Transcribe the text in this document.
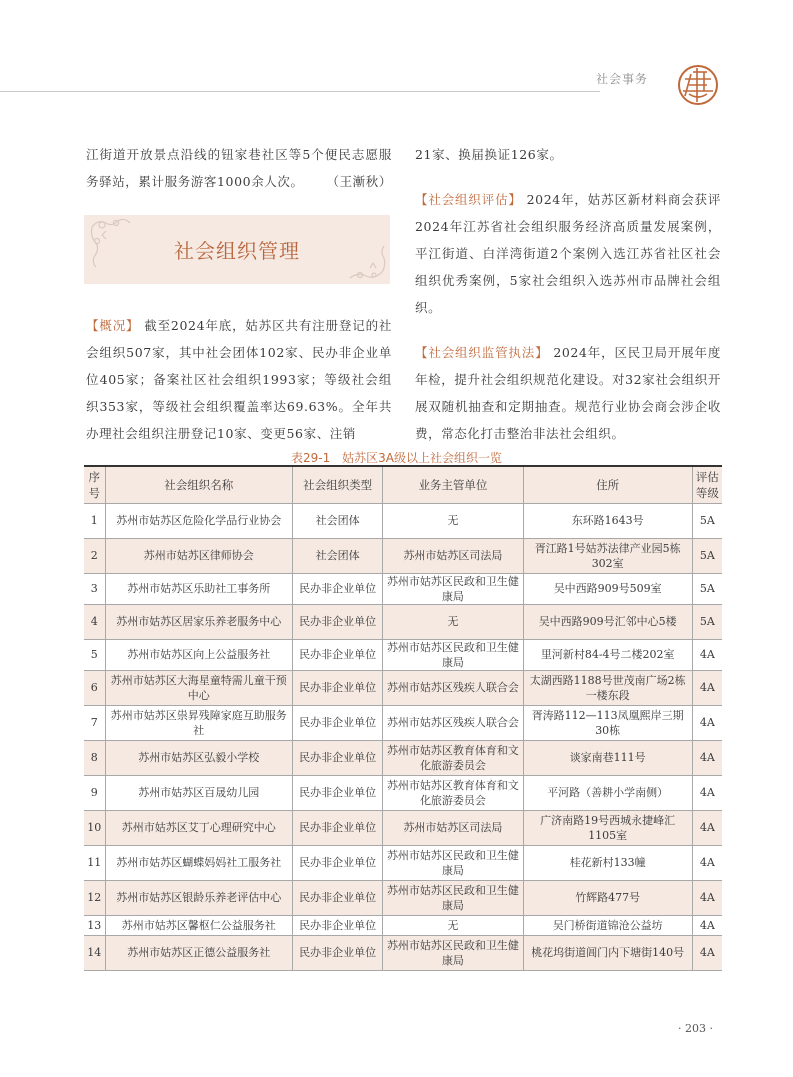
社会事务

江街道开放景点沿线的钮家巷社区等5个便民志愿服务驿站，累计服务游客1000余人次。 （王漸秋）

社会组织管理

【概况】 截至2024年底，姑苏区共有注册登记的社会组织507家，其中社会团体102家、民办非企业单位405家；备案社区社会组织1993家；等级社会组织353家，等级社会组织覆盖率达69.63%。全年共办理社会组织注册登记10家、变更56家、注销

21家、换届换证126家。

【社会组织评估】 2024年，姑苏区新材料商会获评2024年江苏省社会组织服务经济高质量发展案例，平江街道、白洋湾街道2个案例入选江苏省社区社会组织优秀案例，5家社会组织入选苏州市品牌社会组织。

【社会组织监管执法】 2024年，区民卫局开展年度年检，提升社会组织规范化建设。对32家社会组织开展双随机抽查和定期抽查。规范行业协会商会涉企收费，常态化打击整治非法社会组织。

表29-1 姑苏区3A级以上社会组织一览
序号	社会组织名称	社会组织类型	业务主管单位	住所	评估等级
1	苏州市姑苏区危险化学品行业协会	社会团体	无	东环路1643号	5A
2	苏州市姑苏区律师协会	社会团体	苏州市姑苏区司法局	胥江路1号姑苏法律产业园5栋302室	5A
3	苏州市姑苏区乐助社工事务所	民办非企业单位	苏州市姑苏区民政和卫生健康局	吴中西路909号509室	5A
4	苏州市姑苏区居家乐养老服务中心	民办非企业单位	无	吴中西路909号汇邻中心5楼	5A
5	苏州市姑苏区向上公益服务社	民办非企业单位	苏州市姑苏区民政和卫生健康局	里河新村84-4号二楼202室	4A
6	苏州市姑苏区大海星童特需儿童干预中心	民办非企业单位	苏州市姑苏区残疾人联合会	太湖西路1188号世茂南广场2栋一楼东段	4A
7	苏州市姑苏区祟昇残障家庭互助服务社	民办非企业单位	苏州市姑苏区残疾人联合会	胥涛路112—113凤凰熙岸三期30栋	4A
8	苏州市姑苏区弘毅小学校	民办非企业单位	苏州市姑苏区教育体育和文化旅游委员会	谈家南巷111号	4A
9	苏州市姑苏区百晟幼儿园	民办非企业单位	苏州市姑苏区教育体育和文化旅游委员会	平河路（善耕小学南侧）	4A
10	苏州市姑苏区艾丁心理研究中心	民办非企业单位	苏州市姑苏区司法局	广济南路19号西城永捷峰汇1105室	4A
11	苏州市姑苏区蝴蝶妈妈社工服务社	民办非企业单位	苏州市姑苏区民政和卫生健康局	桂花新村133幢	4A
12	苏州市姑苏区银龄乐养老评估中心	民办非企业单位	苏州市姑苏区民政和卫生健康局	竹辉路477号	4A
13	苏州市姑苏区馨枢仁公益服务社	民办非企业单位	无	吴门桥街道锦沧公益坊	4A
14	苏州市姑苏区正德公益服务社	民办非企业单位	苏州市姑苏区民政和卫生健康局	桃花坞街道阊门内下塘街140号	4A
· 203 ·
